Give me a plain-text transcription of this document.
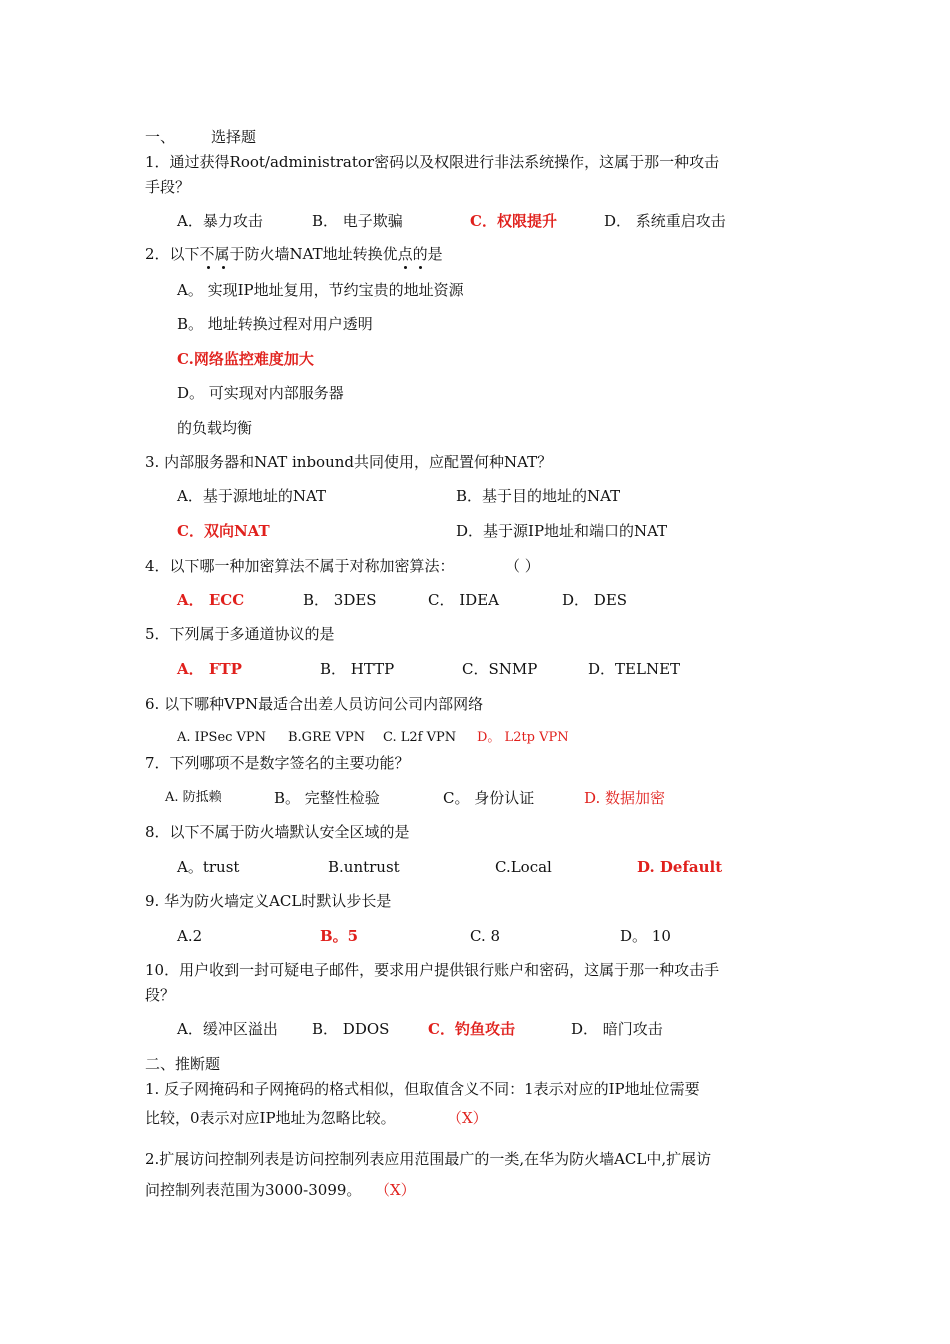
一、 选择题
1．通过获得Root/administrator密码以及权限进行非法系统操作，这属于那一种攻击
手段？
A．暴力攻击	B． 电子欺骗	C．权限提升	D． 系统重启攻击
2．以下不属于防火墙NAT地址转换优点的是
A。 实现IP地址复用，节约宝贵的地址资源
B。 地址转换过程对用户透明
C.网络监控难度加大
D。 可实现对内部服务器
的负载均衡
3. 内部服务器和NAT inbound共同使用，应配置何种NAT？
A．基于源地址的NAT	B．基于目的地址的NAT
C．双向NAT	D．基于源IP地址和端口的NAT
4．以下哪一种加密算法不属于对称加密算法：	（ ）
A． ECC	B． 3DES	C． IDEA	D． DES
5．下列属于多通道协议的是
A． FTP	B． HTTP	C．SNMP	D．TELNET
6. 以下哪种VPN最适合出差人员访问公司内部网络
A. IPSec VPN B.GRE VPN C. L2f VPN D。 L2tp VPN
7．下列哪项不是数字签名的主要功能？
A. 防抵赖	B。 完整性检验	C。 身份认证	D. 数据加密
8．以下不属于防火墙默认安全区域的是
A。trust	B.untrust	C.Local	D. Default
9. 华为防火墙定义ACL时默认步长是
A.2	B。5	C. 8	D。 10
10．用户收到一封可疑电子邮件，要求用户提供银行账户和密码，这属于那一种攻击手
段？
A．缓冲区溢出 B． DDOS	C．钓鱼攻击	D． 暗门攻击
二、推断题
1. 反子网掩码和子网掩码的格式相似，但取值含义不同：1表示对应的IP地址位需要
比较，0表示对应IP地址为忽略比较。	（X）
2.扩展访问控制列表是访问控制列表应用范围最广的一类,在华为防火墙ACL中,扩展访
问控制列表范围为3000-3099。 （X）
